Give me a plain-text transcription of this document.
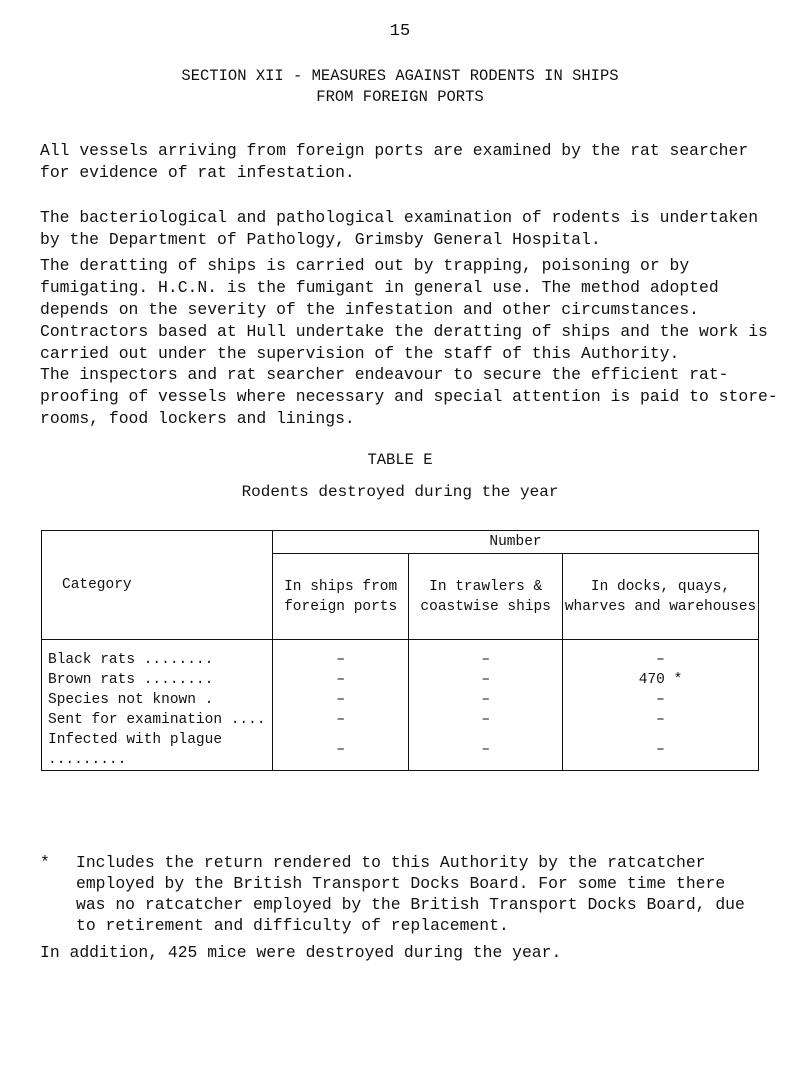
15
SECTION XII - MEASURES AGAINST RODENTS IN SHIPS
FROM FOREIGN PORTS

All vessels arriving from foreign ports are examined by the rat searcher for evidence of rat infestation.

The bacteriological and pathological examination of rodents is undertaken by the Department of Pathology, Grimsby General Hospital.

The deratting of ships is carried out by trapping, poisoning or by fumigating. H.C.N. is the fumigant in general use. The method adopted depends on the severity of the infestation and other circumstances. Contractors based at Hull undertake the deratting of ships and the work is carried out under the supervision of the staff of this Authority.

The inspectors and rat searcher endeavour to secure the efficient rat-proofing of vessels where necessary and special attention is paid to store-rooms, food lockers and linings.

TABLE E
Rodents destroyed during the year
Category	Number		
	In ships from foreign ports	In trawlers & coastwise ships	In docks, quays, wharves and warehouses
Black rats ........	–	–	–
Brown rats ........	–	–	470 *
Species not known .	–	–	–
Sent for examination ....	–	–	–
Infected with plague .........	–	–	–
* Includes the return rendered to this Authority by the ratcatcher employed by the British Transport Docks Board. For some time there was no ratcatcher employed by the British Transport Docks Board, due to retirement and difficulty of replacement.
In addition, 425 mice were destroyed during the year.
